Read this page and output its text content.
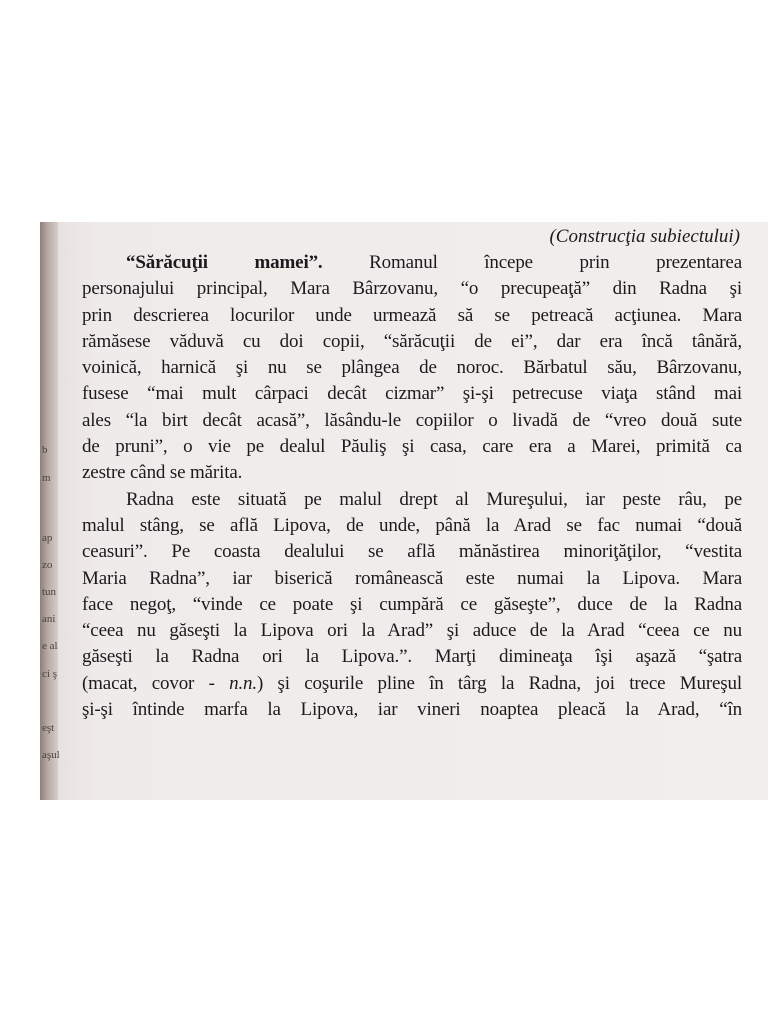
b
m
ap
zo
tun
ani
e al
ci ş
eşt
aşul
(Construcţia subiectului)
“Sărăcuţii mamei”. Romanul începe prin prezentarea
personajului principal, Mara Bârzovanu, “o precupeaţă” din Radna şi
prin descrierea locurilor unde urmează să se petreacă acţiunea. Mara
rămăsese văduvă cu doi copii, “sărăcuţii de ei”, dar era încă tânără,
voinică, harnică şi nu se plângea de noroc. Bărbatul său, Bârzovanu,
fusese “mai mult cârpaci decât cizmar” şi-şi petrecuse viaţa stând mai
ales “la birt decât acasă”, lăsându-le copiilor o livadă de “vreo două sute
de pruni”, o vie pe dealul Păuliş şi casa, care era a Marei, primită ca
zestre când se mărita.
Radna este situată pe malul drept al Mureşului, iar peste râu, pe
malul stâng, se află Lipova, de unde, până la Arad se fac numai “două
ceasuri”. Pe coasta dealului se află mănăstirea minoriţăţilor, “vestita
Maria Radna”, iar biserică românească este numai la Lipova. Mara
face negoţ, “vinde ce poate şi cumpără ce găseşte”, duce de la Radna
“ceea nu găseşti la Lipova ori la Arad” şi aduce de la Arad “ceea ce nu
găseşti la Radna ori la Lipova.”. Marţi dimineaţa îşi aşază “şatra
(macat, covor - n.n.) şi coşurile pline în târg la Radna, joi trece Mureşul
şi-şi întinde marfa la Lipova, iar vineri noaptea pleacă la Arad, “în
